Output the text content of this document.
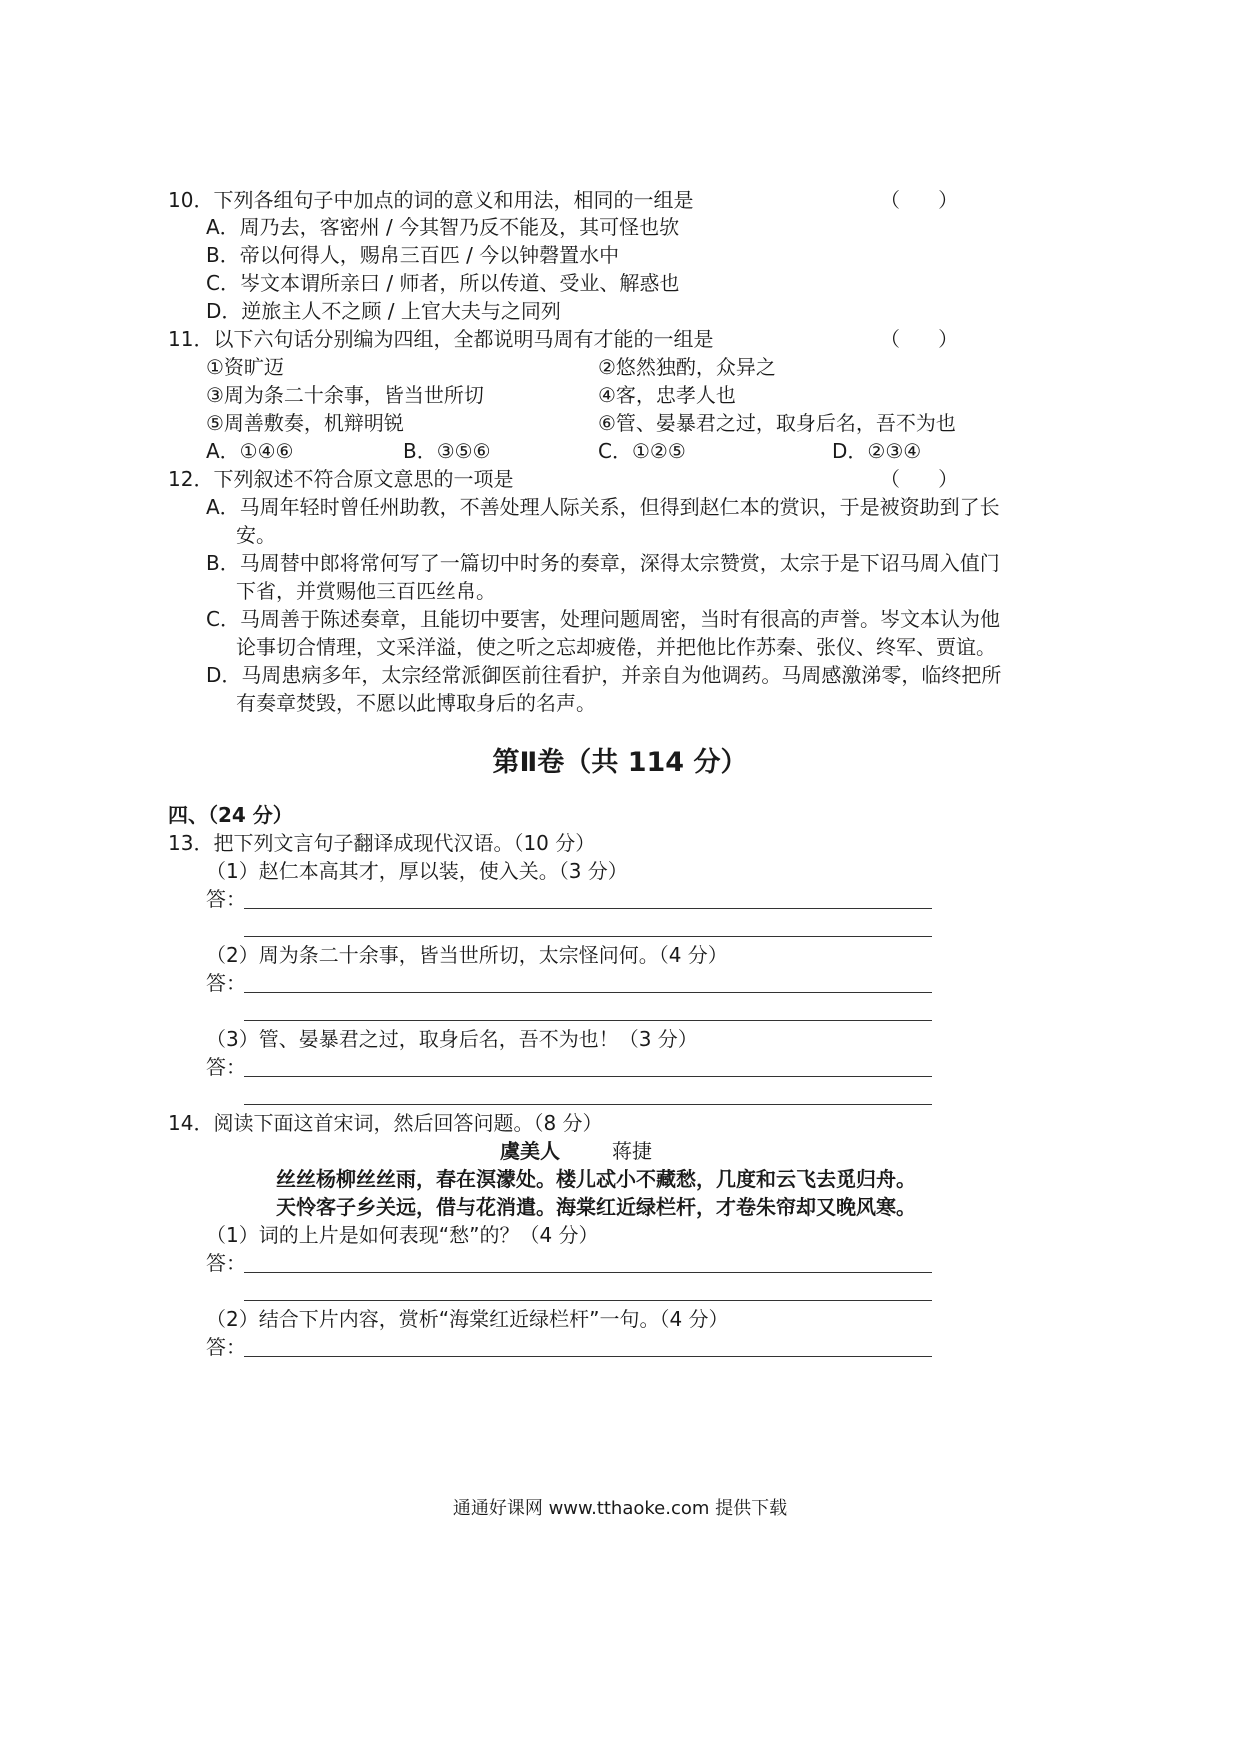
10．下列各组句子中加点的词的意义和用法，相同的一组是	（      ）
A．周乃去，客密州 / 今其智乃反不能及，其可怪也欤
B．帝以何得人，赐帛三百匹 / 今以钟磬置水中
C．岑文本谓所亲曰 / 师者，所以传道、受业、解惑也
D．逆旅主人不之顾 / 上官大夫与之同列
11．以下六句话分别编为四组，全都说明马周有才能的一组是	（      ）
①资旷迈	②悠然独酌，众异之
③周为条二十余事，皆当世所切	④客，忠孝人也
⑤周善敷奏，机辩明锐	⑥管、晏暴君之过，取身后名，吾不为也
A．①④⑥	B．③⑤⑥	C．①②⑤	D．②③④
12．下列叙述不符合原文意思的一项是	（      ）
A．马周年轻时曾任州助教，不善处理人际关系，但得到赵仁本的赏识，于是被资助到了长
安。
B．马周替中郎将常何写了一篇切中时务的奏章，深得太宗赞赏，太宗于是下诏马周入值门
下省，并赏赐他三百匹丝帛。
C．马周善于陈述奏章，且能切中要害，处理问题周密，当时有很高的声誉。岑文本认为他
论事切合情理，文采洋溢，使之听之忘却疲倦，并把他比作苏秦、张仪、终军、贾谊。
D．马周患病多年，太宗经常派御医前往看护，并亲自为他调药。马周感激涕零，临终把所
有奏章焚毁，不愿以此博取身后的名声。
第Ⅱ卷（共 114 分）
四、（24 分）
13．把下列文言句子翻译成现代汉语。（10 分）
（1）赵仁本高其才，厚以装，使入关。（3 分）
答：
（2）周为条二十余事，皆当世所切，太宗怪问何。（4 分）
答：
（3）管、晏暴君之过，取身后名，吾不为也！（3 分）
答：
14．阅读下面这首宋词，然后回答问题。（8 分）
虞美人	蒋捷
丝丝杨柳丝丝雨，春在溟濛处。楼儿忒小不藏愁，几度和云飞去觅归舟。
天怜客子乡关远，借与花消遣。海棠红近绿栏杆，才卷朱帘却又晚风寒。
（1）词的上片是如何表现“愁”的？（4 分）
答：
（2）结合下片内容，赏析“海棠红近绿栏杆”一句。（4 分）
答：
通通好课网 www.tthaoke.com 提供下载
